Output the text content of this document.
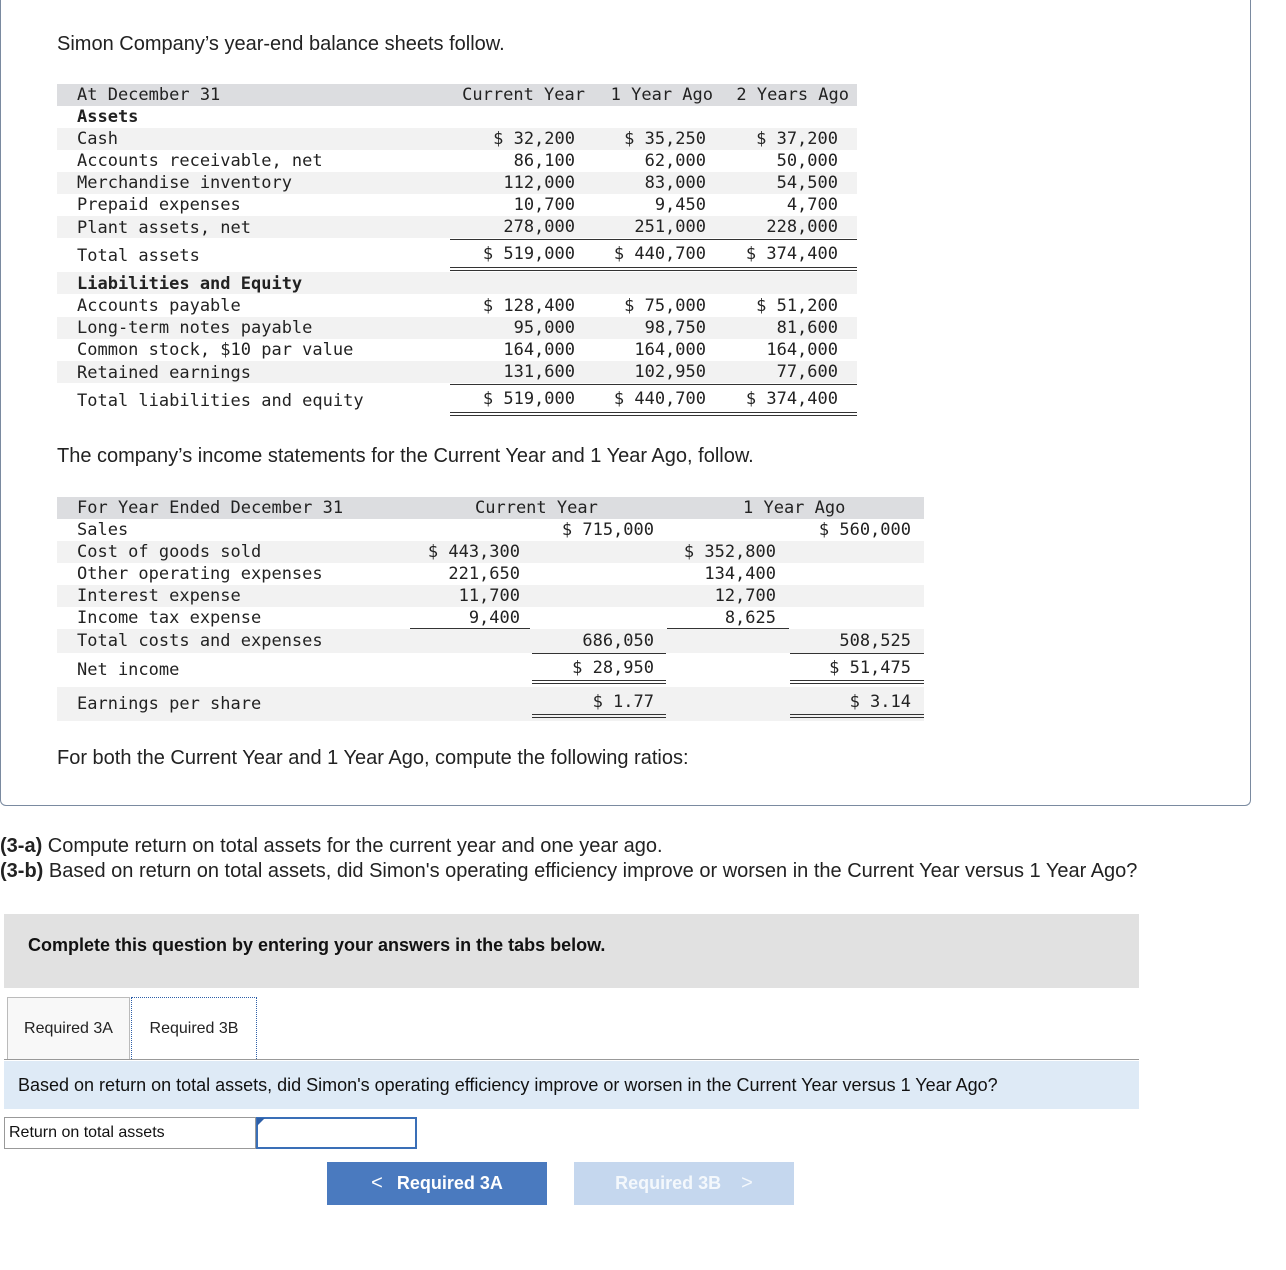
Simon Company’s year-end balance sheets follow.
At December 31	Current Year	1 Year Ago	2 Years Ago
Assets
Cash	$ 32,200	$ 35,250	$ 37,200
Accounts receivable, net	86,100	62,000	50,000
Merchandise inventory	112,000	83,000	54,500
Prepaid expenses	10,700	9,450	4,700
Plant assets, net	278,000	251,000	228,000
Total assets	$ 519,000	$ 440,700	$ 374,400
Liabilities and Equity
Accounts payable	$ 128,400	$ 75,000	$ 51,200
Long-term notes payable	95,000	98,750	81,600
Common stock, $10 par value	164,000	164,000	164,000
Retained earnings	131,600	102,950	77,600
Total liabilities and equity	$ 519,000	$ 440,700	$ 374,400
The company’s income statements for the Current Year and 1 Year Ago, follow.
For Year Ended December 31	Current Year	1 Year Ago
Sales	$ 715,000	$ 560,000
Cost of goods sold	$ 443,300	$ 352,800
Other operating expenses	221,650	134,400
Interest expense	11,700	12,700
Income tax expense	9,400	8,625
Total costs and expenses	686,050	508,525
Net income	$ 28,950	$ 51,475
Earnings per share	$ 1.77	$ 3.14
For both the Current Year and 1 Year Ago, compute the following ratios:
(3-a) Compute return on total assets for the current year and one year ago.
(3-b) Based on return on total assets, did Simon's operating efficiency improve or worsen in the Current Year versus 1 Year Ago?
Complete this question by entering your answers in the tabs below.
Required 3A	Required 3B
Based on return on total assets, did Simon's operating efficiency improve or worsen in the Current Year versus 1 Year Ago?
Return on total assets
< Required 3A	Required 3B >
